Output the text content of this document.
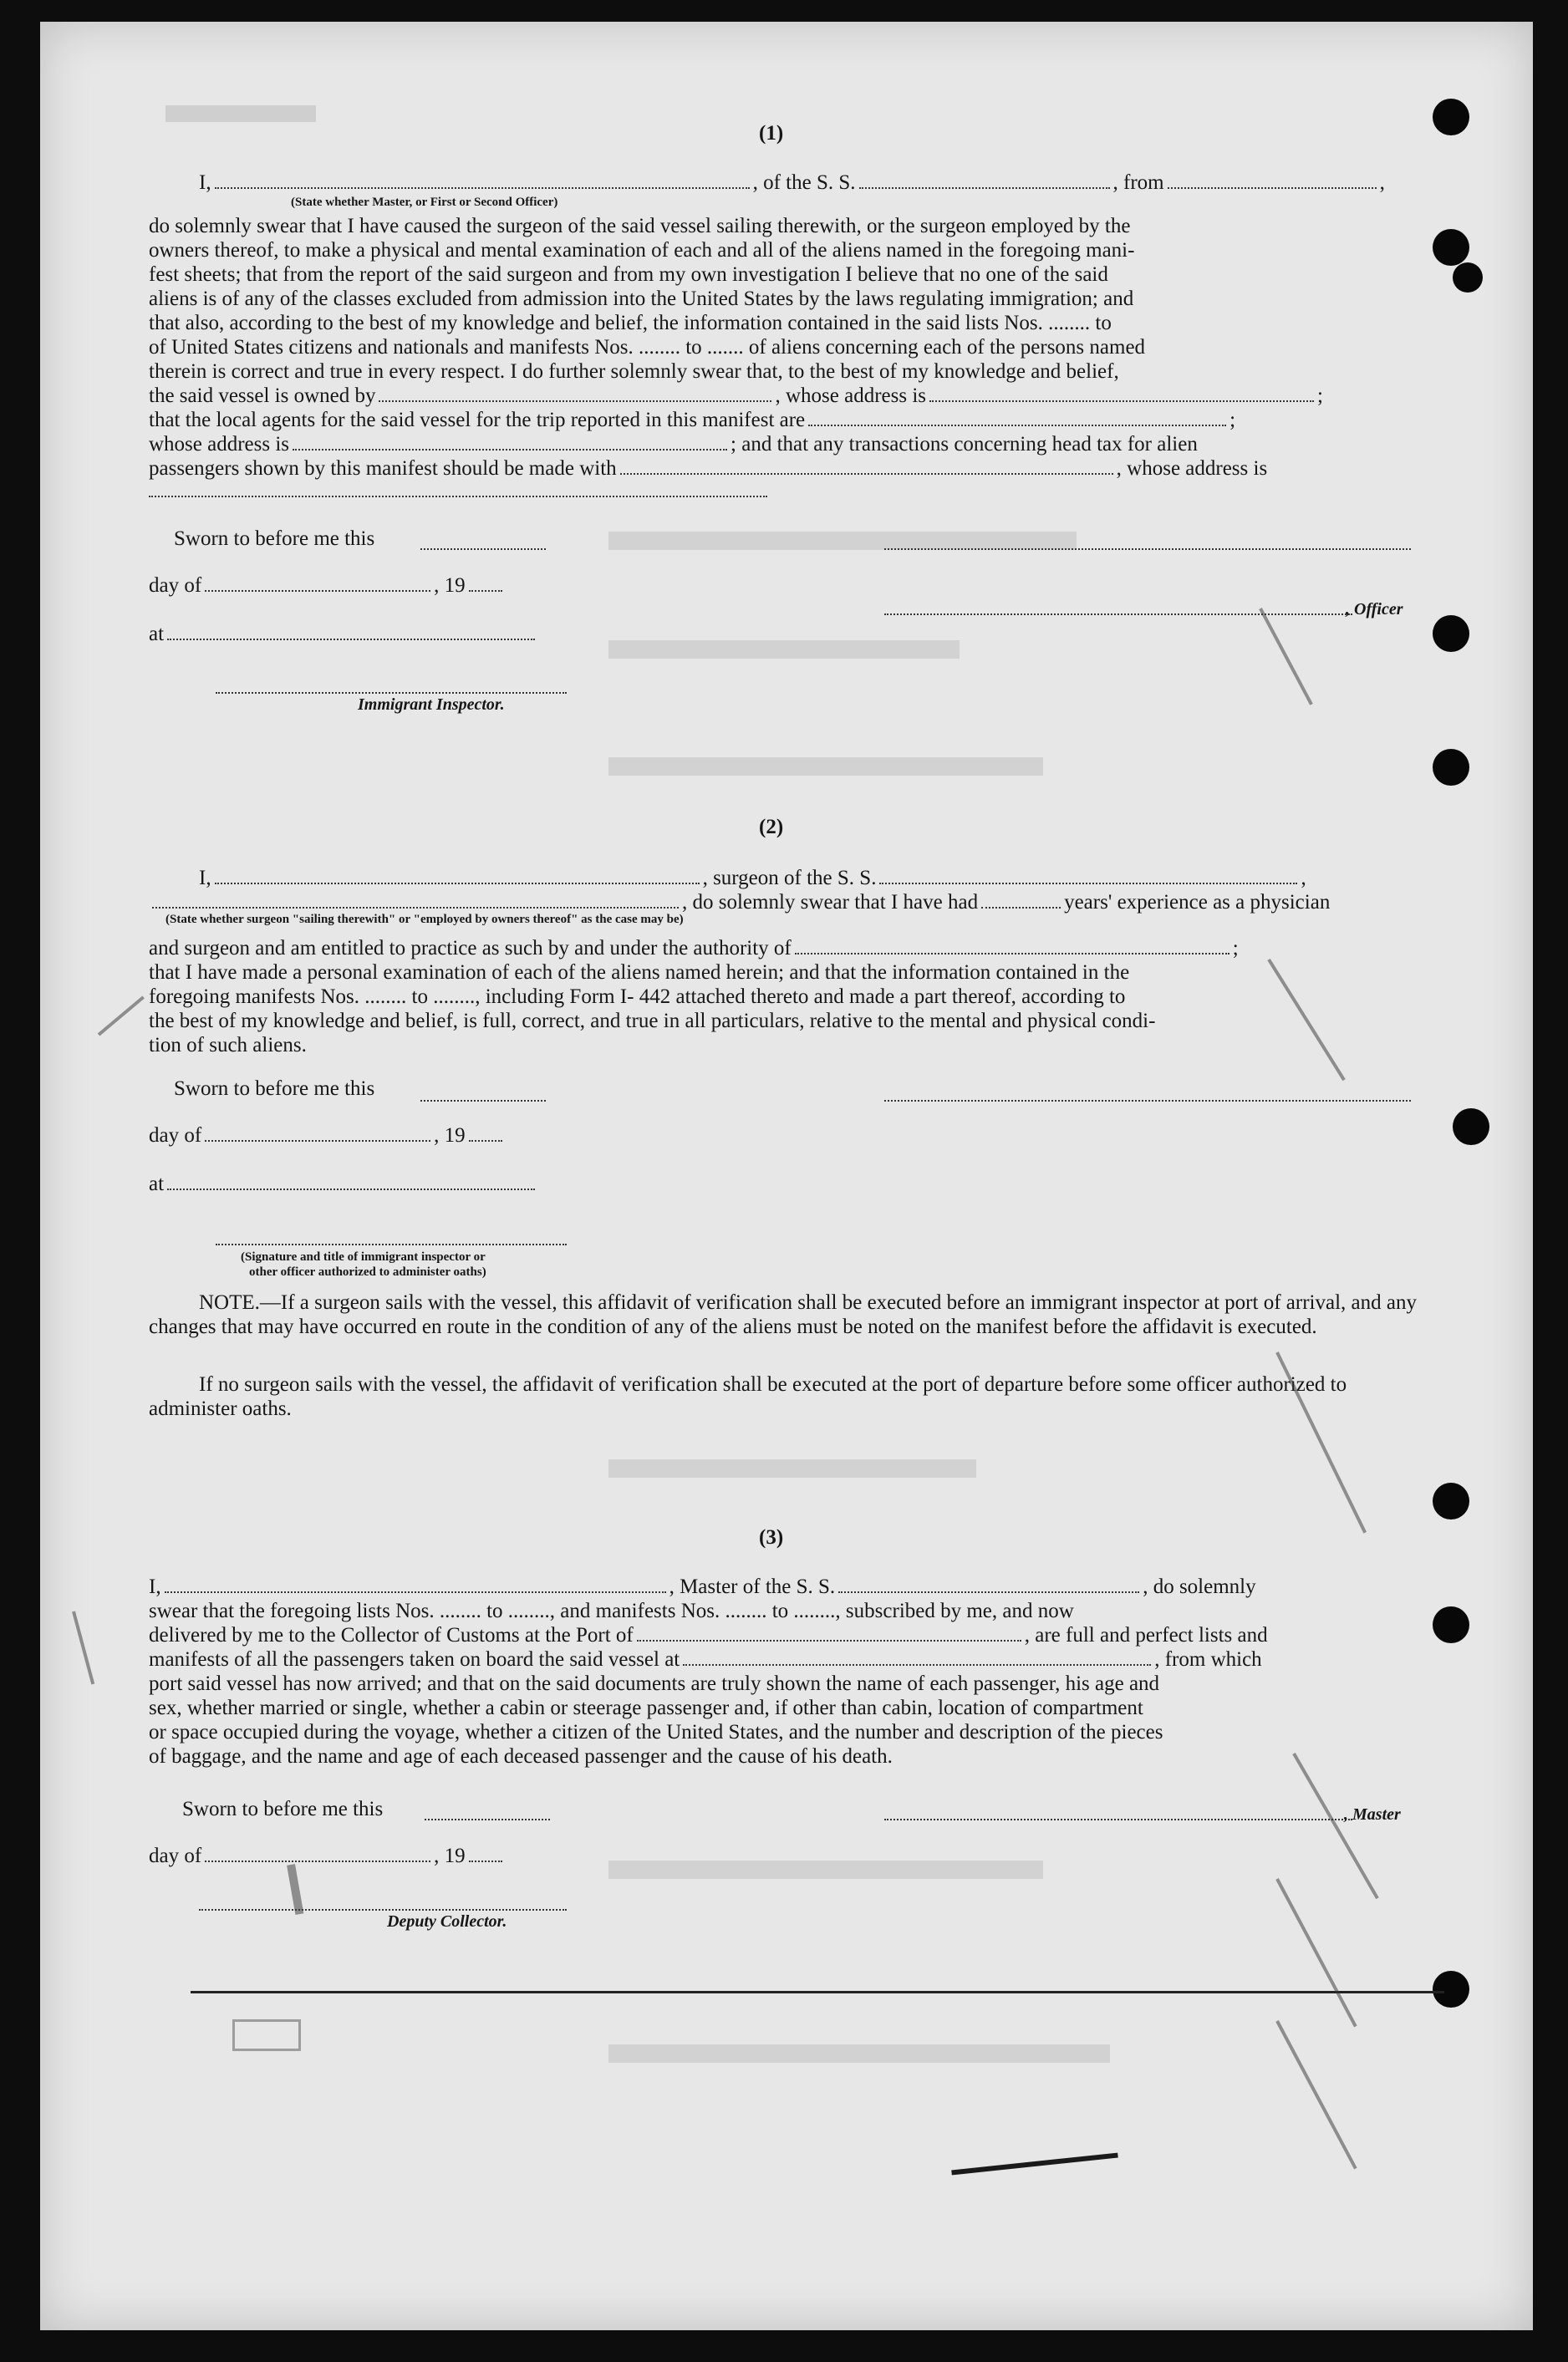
(1)
I,	, of the S. S.	, from	,
(State whether Master, or First or Second Officer)
do solemnly swear that I have caused the surgeon of the said vessel sailing therewith, or the surgeon employed by the
owners thereof, to make a physical and mental examination of each and all of the aliens named in the foregoing mani-
fest sheets; that from the report of the said surgeon and from my own investigation I believe that no one of the said
aliens is of any of the classes excluded from admission into the United States by the laws regulating immigration; and
that also, according to the best of my knowledge and belief, the information contained in the said lists Nos. ........ to
of United States citizens and nationals and manifests Nos. ........ to ....... of aliens concerning each of the persons named
therein is correct and true in every respect. I do further solemnly swear that, to the best of my knowledge and belief,
the said vessel is owned by	, whose address is	;
that the local agents for the said vessel for the trip reported in this manifest are	;
whose address is	; and that any transactions concerning head tax for alien
passengers shown by this manifest should be made with	, whose address is
Sworn to before me this
day of	, 19
, Officer
at
Immigrant Inspector.
(2)
I,	, surgeon of the S. S.	,
, do solemnly swear that I have had	years' experience as a physician
(State whether surgeon "sailing therewith" or "employed by owners thereof" as the case may be)
and surgeon and am entitled to practice as such by and under the authority of	;
that I have made a personal examination of each of the aliens named herein; and that the information contained in the
foregoing manifests Nos. ........ to ........, including Form I- 442 attached thereto and made a part thereof, according to
the best of my knowledge and belief, is full, correct, and true in all particulars, relative to the mental and physical condi-
tion of such aliens.
Sworn to before me this
day of	, 19
at
(Signature and title of immigrant inspector or
other officer authorized to administer oaths)
NOTE.—If a surgeon sails with the vessel, this affidavit of verification shall be executed before an immigrant inspector at port of arrival, and any changes that may have occurred en route in the condition of any of the aliens must be noted on the manifest before the affidavit is executed.
If no surgeon sails with the vessel, the affidavit of verification shall be executed at the port of departure before some officer authorized to administer oaths.
(3)
I,	, Master of the S. S.	, do solemnly
swear that the foregoing lists Nos. ........ to ........, and manifests Nos. ........ to ........, subscribed by me, and now
delivered by me to the Collector of Customs at the Port of	, are full and perfect lists and
manifests of all the passengers taken on board the said vessel at	, from which
port said vessel has now arrived; and that on the said documents are truly shown the name of each passenger, his age and
sex, whether married or single, whether a cabin or steerage passenger and, if other than cabin, location of compartment
or space occupied during the voyage, whether a citizen of the United States, and the number and description of the pieces
of baggage, and the name and age of each deceased passenger and the cause of his death.
Sworn to before me this	, Master
day of	, 19
Deputy Collector.
